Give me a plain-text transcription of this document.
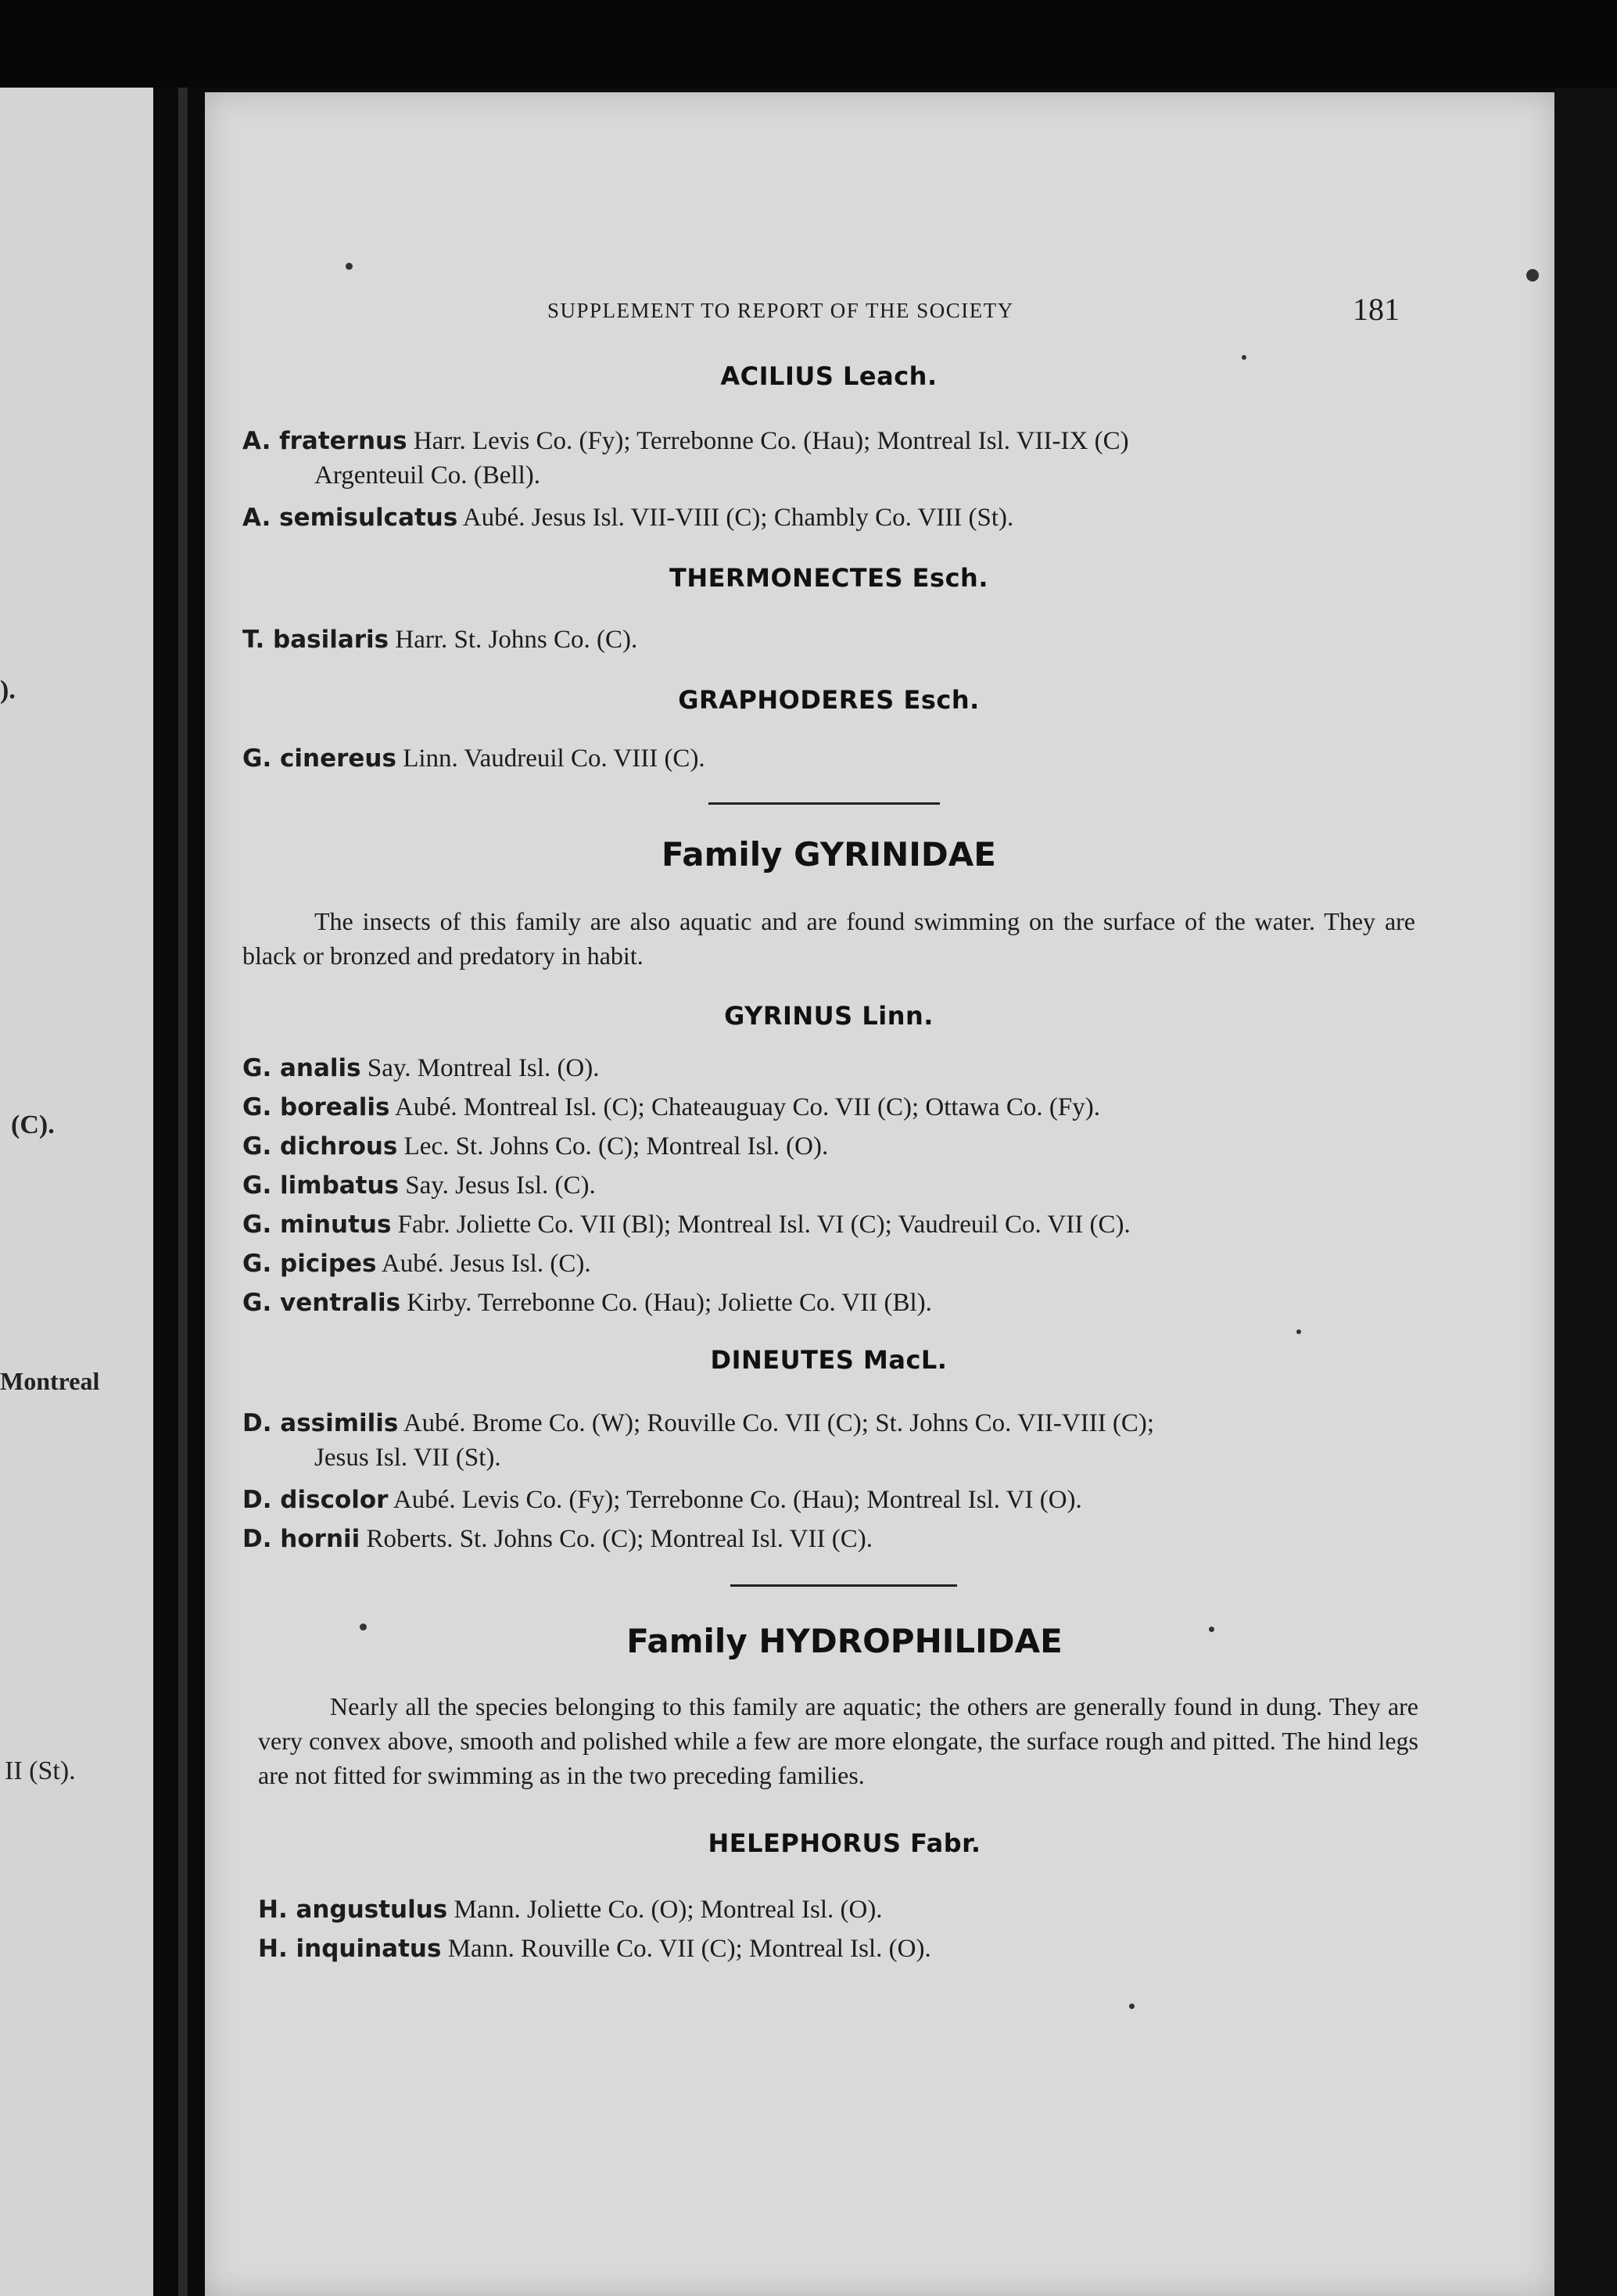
).
(C).
Montreal
II (St).
SUPPLEMENT TO REPORT OF THE SOCIETY	181
ACILIUS Leach.
A. fraternus Harr. Levis Co. (Fy); Terrebonne Co. (Hau); Montreal Isl. VII-IX (C)
Argenteuil Co. (Bell).
A. semisulcatus Aubé. Jesus Isl. VII-VIII (C); Chambly Co. VIII (St).
THERMONECTES Esch.
T. basilaris Harr. St. Johns Co. (C).
GRAPHODERES Esch.
G. cinereus Linn. Vaudreuil Co. VIII (C).
Family GYRINIDAE
The insects of this family are also aquatic and are found swimming on the surface of the water. They are black or bronzed and predatory in habit.
GYRINUS Linn.
G. analis Say. Montreal Isl. (O).
G. borealis Aubé. Montreal Isl. (C); Chateauguay Co. VII (C); Ottawa Co. (Fy).
G. dichrous Lec. St. Johns Co. (C); Montreal Isl. (O).
G. limbatus Say. Jesus Isl. (C).
G. minutus Fabr. Joliette Co. VII (Bl); Montreal Isl. VI (C); Vaudreuil Co. VII (C).
G. picipes Aubé. Jesus Isl. (C).
G. ventralis Kirby. Terrebonne Co. (Hau); Joliette Co. VII (Bl).
DINEUTES MacL.
D. assimilis Aubé. Brome Co. (W); Rouville Co. VII (C); St. Johns Co. VII-VIII (C);
Jesus Isl. VII (St).
D. discolor Aubé. Levis Co. (Fy); Terrebonne Co. (Hau); Montreal Isl. VI (O).
D. hornii Roberts. St. Johns Co. (C); Montreal Isl. VII (C).
Family HYDROPHILIDAE
Nearly all the species belonging to this family are aquatic; the others are generally found in dung. They are very convex above, smooth and polished while a few are more elongate, the surface rough and pitted. The hind legs are not fitted for swimming as in the two preceding families.
HELEPHORUS Fabr.
H. angustulus Mann. Joliette Co. (O); Montreal Isl. (O).
H. inquinatus Mann. Rouville Co. VII (C); Montreal Isl. (O).
